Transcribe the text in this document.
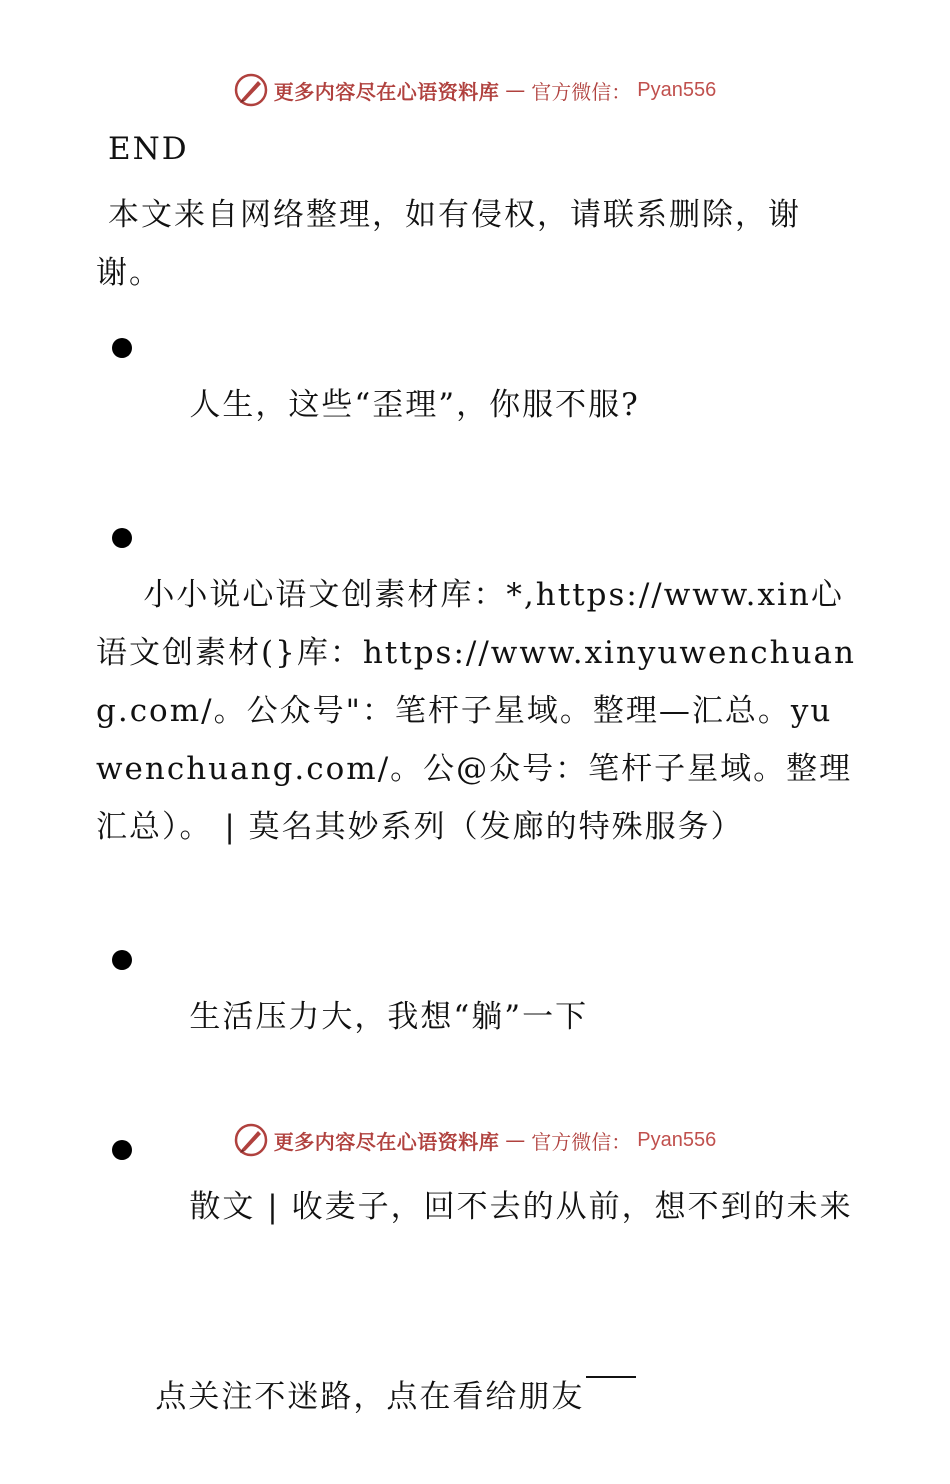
更多内容尽在心语资料库 — 官方微信： Pyan556
END
本文来自网络整理，如有侵权，请联系删除，谢谢。

人生，这些“歪理”，你服不服?

小小说心语文创素材库：*,https://www.xin心语文创素材(}库：https://www.xinyuwenchuang.com/。公众号"：笔杆子星域。整理—汇总。yuwenchuang.com/。公@众号：笔杆子星域。整理汇总）。 | 莫名其妙系列（发廊的特殊服务）

生活压力大，我想“躺”一下

散文 | 收麦子，回不去的从前，想不到的未来

点关注不迷路，点在看给朋友

更多内容尽在心语资料库 — 官方微信： Pyan556
